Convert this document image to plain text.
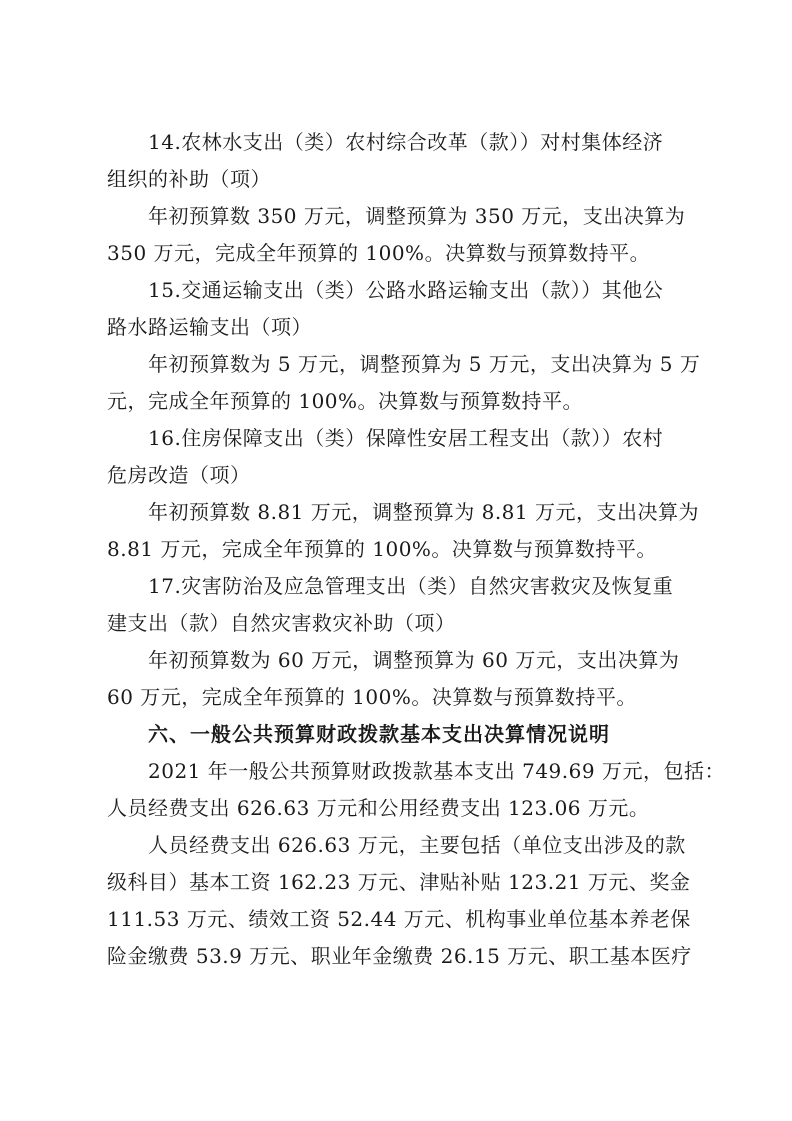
14.农林水支出（类）农村综合改革（款））对村集体经济

组织的补助（项）

年初预算数 350 万元，调整预算为 350 万元，支出决算为

350 万元，完成全年预算的 100%。决算数与预算数持平。

15.交通运输支出（类）公路水路运输支出（款））其他公

路水路运输支出（项）

年初预算数为 5 万元，调整预算为 5 万元，支出决算为 5 万

元，完成全年预算的 100%。决算数与预算数持平。

16.住房保障支出（类）保障性安居工程支出（款））农村

危房改造（项）

年初预算数 8.81 万元，调整预算为 8.81 万元，支出决算为

8.81 万元，完成全年预算的 100%。决算数与预算数持平。

17.灾害防治及应急管理支出（类）自然灾害救灾及恢复重

建支出（款）自然灾害救灾补助（项）

年初预算数为 60 万元，调整预算为 60 万元，支出决算为

60 万元，完成全年预算的 100%。决算数与预算数持平。

六、一般公共预算财政拨款基本支出决算情况说明

2021 年一般公共预算财政拨款基本支出 749.69 万元，包括：

人员经费支出 626.63 万元和公用经费支出 123.06 万元。

人员经费支出 626.63 万元，主要包括（单位支出涉及的款

级科目）基本工资 162.23 万元、津贴补贴 123.21 万元、奖金

111.53 万元、绩效工资 52.44 万元、机构事业单位基本养老保

险金缴费 53.9 万元、职业年金缴费 26.15 万元、职工基本医疗
